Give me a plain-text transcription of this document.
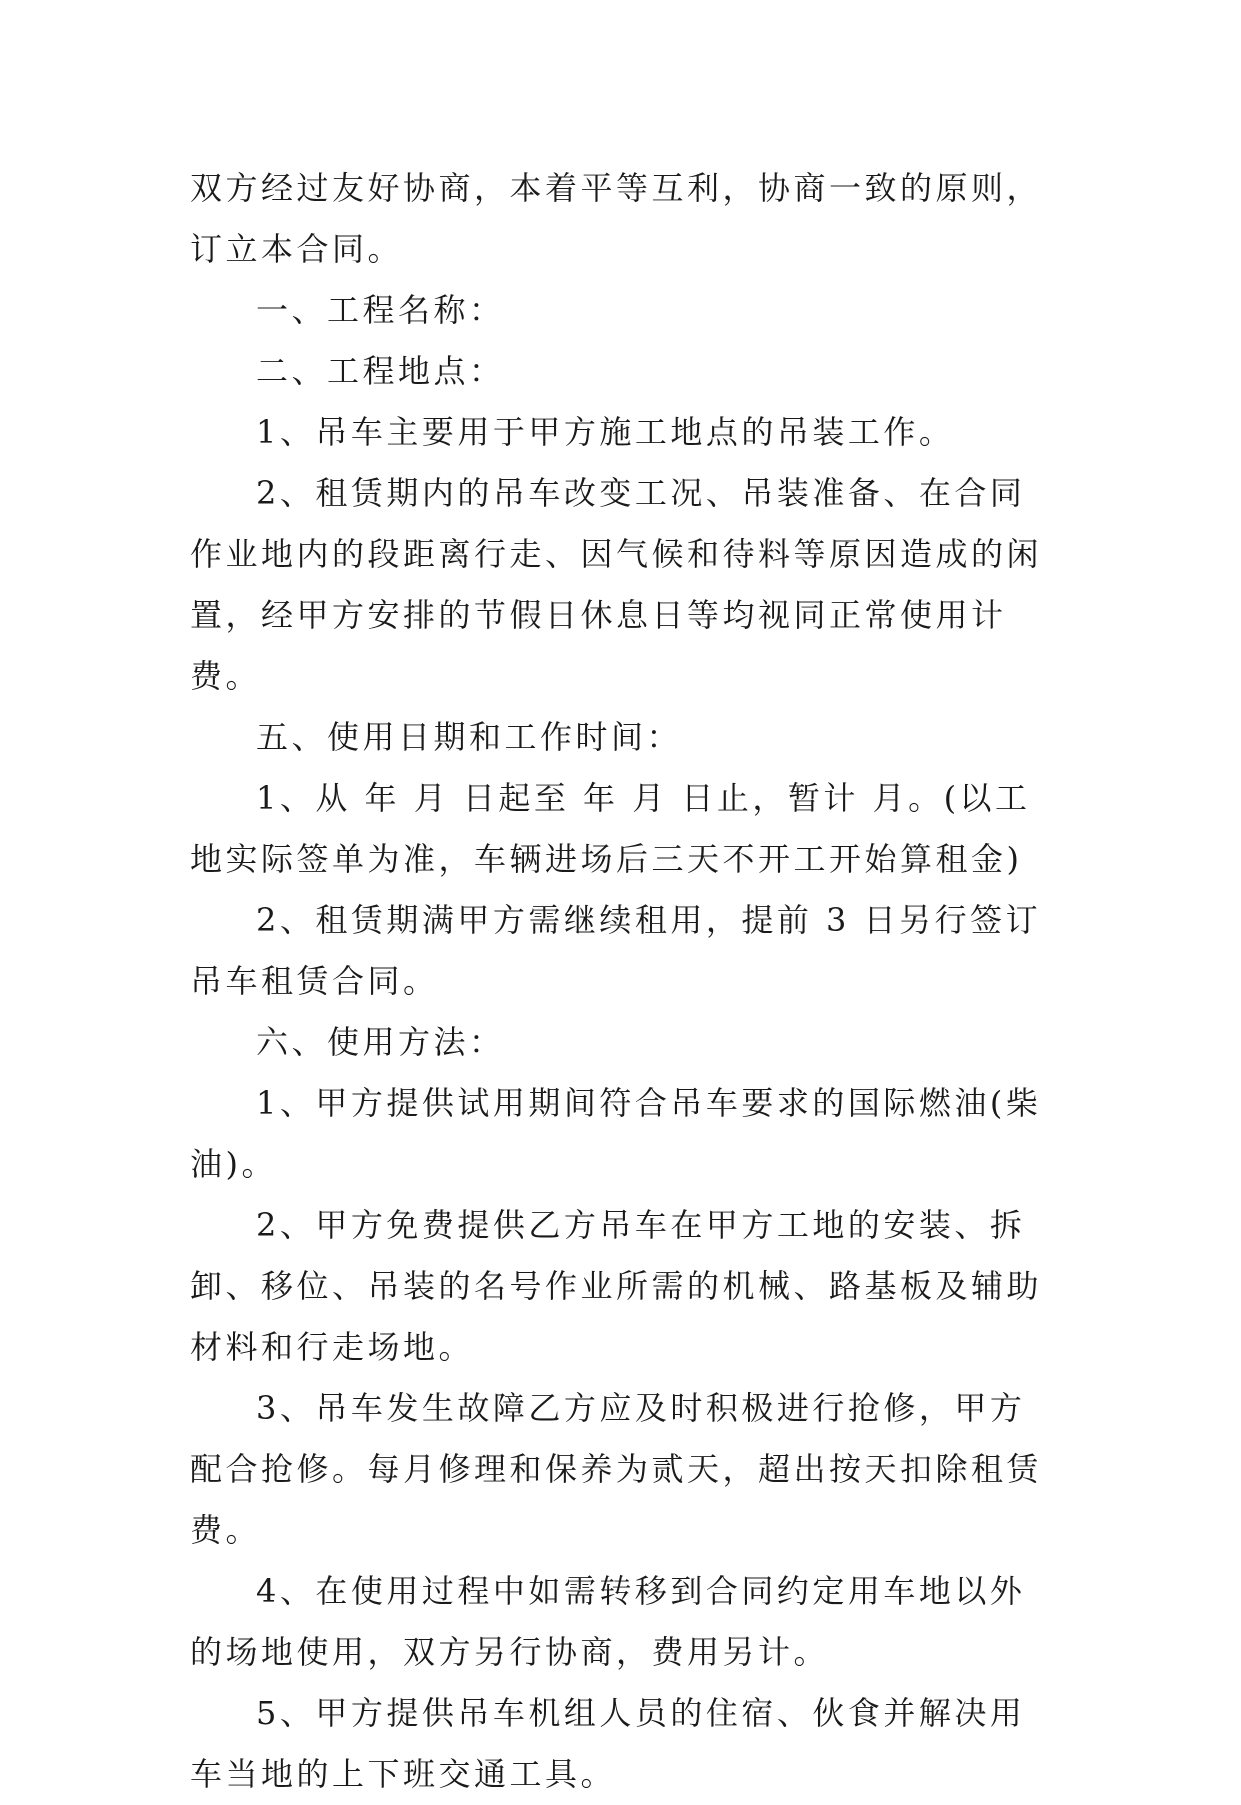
双方经过友好协商，本着平等互利，协商一致的原则，订立本合同。

一、工程名称：

二、工程地点：

1、吊车主要用于甲方施工地点的吊装工作。

2、租赁期内的吊车改变工况、吊装准备、在合同作业地内的段距离行走、因气候和待料等原因造成的闲置，经甲方安排的节假日休息日等均视同正常使用计费。

五、使用日期和工作时间：

1、从 年 月 日起至 年 月 日止，暂计 月。(以工地实际签单为准，车辆进场后三天不开工开始算租金)

2、租赁期满甲方需继续租用，提前 3 日另行签订吊车租赁合同。

六、使用方法：

1、甲方提供试用期间符合吊车要求的国际燃油(柴油)。

2、甲方免费提供乙方吊车在甲方工地的安装、拆卸、移位、吊装的名号作业所需的机械、路基板及辅助材料和行走场地。

3、吊车发生故障乙方应及时积极进行抢修，甲方配合抢修。每月修理和保养为贰天，超出按天扣除租赁费。

4、在使用过程中如需转移到合同约定用车地以外的场地使用，双方另行协商，费用另计。

5、甲方提供吊车机组人员的住宿、伙食并解决用车当地的上下班交通工具。
